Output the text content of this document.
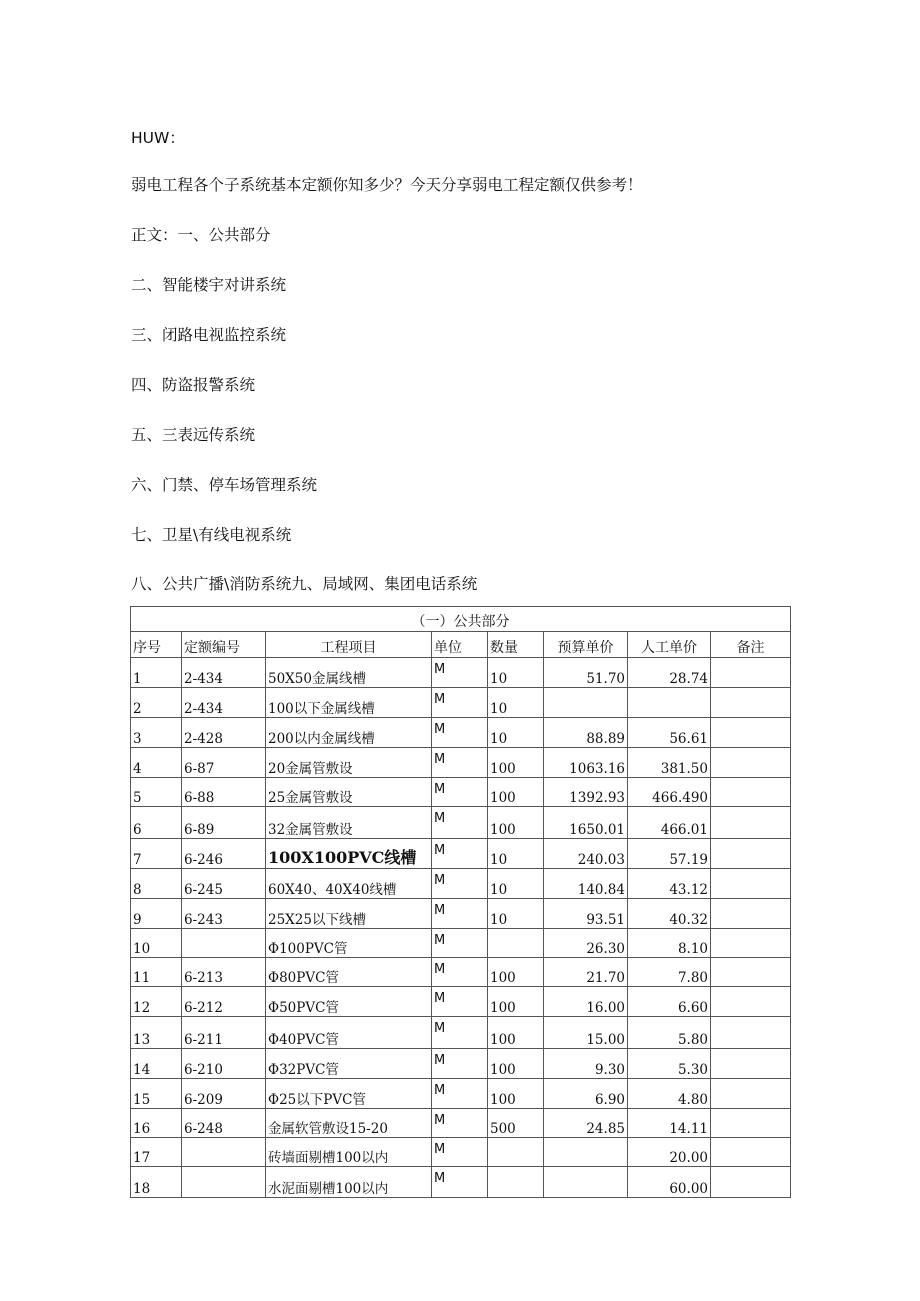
HUW：
弱电工程各个子系统基本定额你知多少？今天分享弱电工程定额仅供参考！
正文：一、公共部分
二、智能楼宇对讲系统
三、闭路电视监控系统
四、防盗报警系统
五、三表远传系统
六、门禁、停车场管理系统
七、卫星\有线电视系统
八、公共广播\消防系统九、局域网、集团电话系统
（一）公共部分							
序号	定额编号	工程项目	单位	数量	预算单价	人工单价	备注
1	2-434	50X50金属线槽	M	10	51.70	28.74	
2	2-434	100以下金属线槽	M	10			
3	2-428	200以内金属线槽	M	10	88.89	56.61	
4	6-87	20金属管敷设	M	100	1063.16	381.50	
5	6-88	25金属管敷设	M	100	1392.93	466.490	
6	6-89	32金属管敷设	M	100	1650.01	466.01	
7	6-246	100X100PVC线槽	M	10	240.03	57.19	
8	6-245	60X40、40X40线槽	M	10	140.84	43.12	
9	6-243	25X25以下线槽	M	10	93.51	40.32	
10		Φ100PVC管	M		26.30	8.10	
11	6-213	Φ80PVC管	M	100	21.70	7.80	
12	6-212	Φ50PVC管	M	100	16.00	6.60	
13	6-211	Φ40PVC管	M	100	15.00	5.80	
14	6-210	Φ32PVC管	M	100	9.30	5.30	
15	6-209	Φ25以下PVC管	M	100	6.90	4.80	
16	6-248	金属软管敷设15-20	M	500	24.85	14.11	
17		砖墙面剔槽100以内	M			20.00	
18		水泥面剔槽100以内	M			60.00	
